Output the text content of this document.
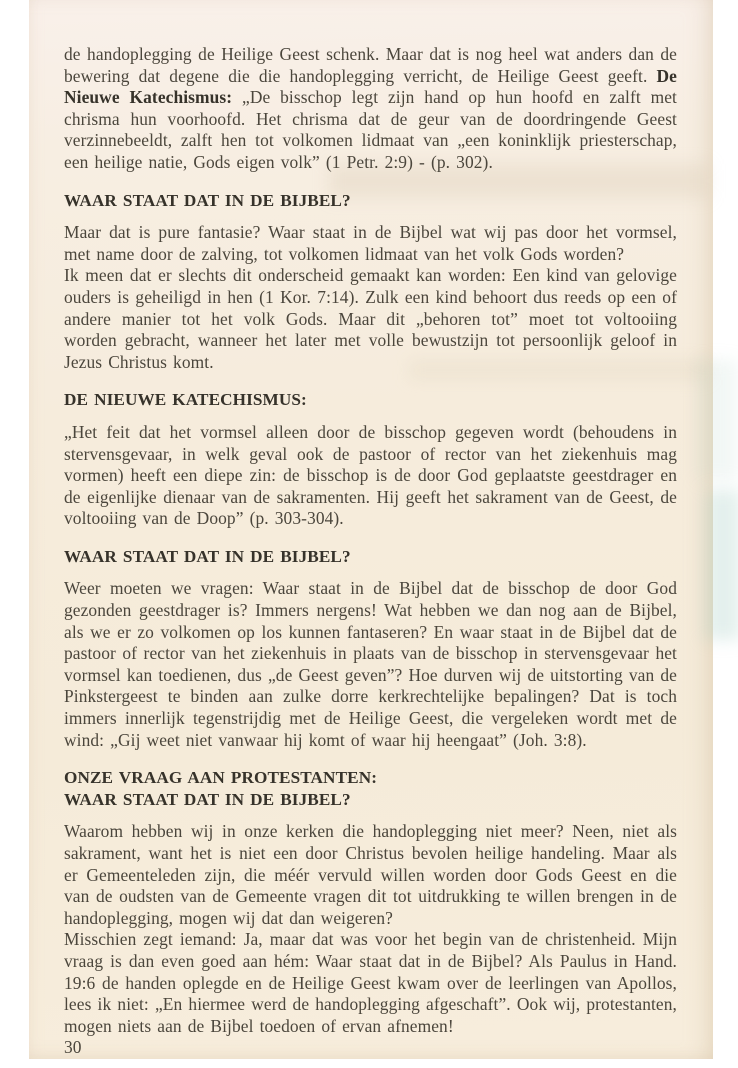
de handoplegging de Heilige Geest schenk. Maar dat is nog heel wat anders dan de bewering dat degene die die handoplegging verricht, de Heilige Geest geeft. De Nieuwe Katechismus: „De bisschop legt zijn hand op hun hoofd en zalft met chrisma hun voorhoofd. Het chrisma dat de geur van de doordringende Geest verzinnebeeldt, zalft hen tot volkomen lidmaat van „een koninklijk priesterschap, een heilige natie, Gods eigen volk” (1 Petr. 2:9) - (p. 302).

WAAR STAAT DAT IN DE BIJBEL?

Maar dat is pure fantasie? Waar staat in de Bijbel wat wij pas door het vormsel, met name door de zalving, tot volkomen lidmaat van het volk Gods worden?

Ik meen dat er slechts dit onderscheid gemaakt kan worden: Een kind van gelovige ouders is geheiligd in hen (1 Kor. 7:14). Zulk een kind behoort dus reeds op een of andere manier tot het volk Gods. Maar dit „behoren tot” moet tot voltooiing worden gebracht, wanneer het later met volle bewustzijn tot persoonlijk geloof in Jezus Christus komt.

DE NIEUWE KATECHISMUS:

„Het feit dat het vormsel alleen door de bisschop gegeven wordt (behoudens in stervensgevaar, in welk geval ook de pastoor of rector van het ziekenhuis mag vormen) heeft een diepe zin: de bisschop is de door God geplaatste geestdrager en de eigenlijke dienaar van de sakramenten. Hij geeft het sakrament van de Geest, de voltooiing van de Doop” (p. 303-304).

WAAR STAAT DAT IN DE BIJBEL?

Weer moeten we vragen: Waar staat in de Bijbel dat de bisschop de door God gezonden geestdrager is? Immers nergens! Wat hebben we dan nog aan de Bijbel, als we er zo volkomen op los kunnen fantaseren? En waar staat in de Bijbel dat de pastoor of rector van het ziekenhuis in plaats van de bisschop in stervensgevaar het vormsel kan toedienen, dus „de Geest geven”? Hoe durven wij de uitstorting van de Pinkstergeest te binden aan zulke dorre kerkrechtelijke bepalingen? Dat is toch immers innerlijk tegenstrijdig met de Heilige Geest, die vergeleken wordt met de wind: „Gij weet niet vanwaar hij komt of waar hij heengaat” (Joh. 3:8).

ONZE VRAAG AAN PROTESTANTEN:

WAAR STAAT DAT IN DE BIJBEL?

Waarom hebben wij in onze kerken die handoplegging niet meer? Neen, niet als sakrament, want het is niet een door Christus bevolen heilige handeling. Maar als er Gemeenteleden zijn, die méér vervuld willen worden door Gods Geest en die van de oudsten van de Gemeente vragen dit tot uitdrukking te willen brengen in de handoplegging, mogen wij dat dan weigeren?

Misschien zegt iemand: Ja, maar dat was voor het begin van de christenheid. Mijn vraag is dan even goed aan hém: Waar staat dat in de Bijbel? Als Paulus in Hand. 19:6 de handen oplegde en de Heilige Geest kwam over de leerlingen van Apollos, lees ik niet: „En hiermee werd de handoplegging afgeschaft”. Ook wij, protestanten, mogen niets aan de Bijbel toedoen of ervan afnemen!

30
